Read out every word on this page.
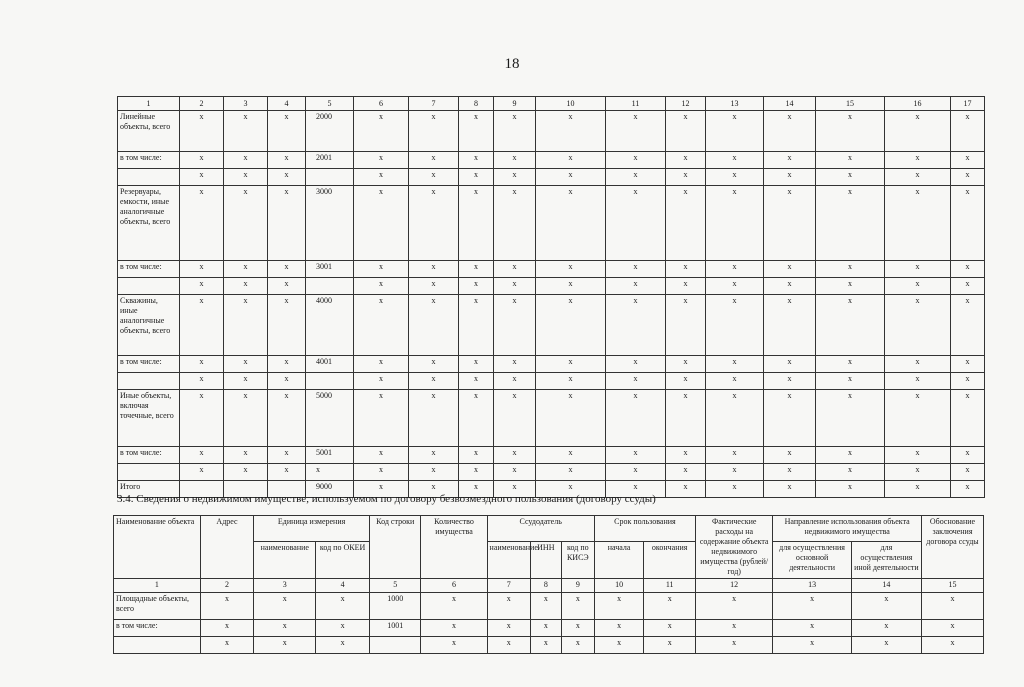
18
1	2	3	4	5	6	7	8	9	10	11	12	13	14	15	16	17
Линейные объекты, всего	x	x	x	2000	x	x	x	x	x	x	x	x	x	x	x	x
в том числе:	x	x	x	2001	x	x	x	x	x	x	x	x	x	x	x	x
	x	x	x		x	x	x	x	x	x	x	x	x	x	x	x
Резервуары, емкости, иные аналогичные объекты, всего	x	x	x	3000	x	x	x	x	x	x	x	x	x	x	x	x
в том числе:	x	x	x	3001	x	x	x	x	x	x	x	x	x	x	x	x
	x	x	x		x	x	x	x	x	x	x	x	x	x	x	x
Скважины, иные аналогичные объекты, всего	x	x	x	4000	x	x	x	x	x	x	x	x	x	x	x	x
в том числе:	x	x	x	4001	x	x	x	x	x	x	x	x	x	x	x	x
	x	x	x		x	x	x	x	x	x	x	x	x	x	x	x
Иные объекты, включая точечные, всего	x	x	x	5000	x	x	x	x	x	x	x	x	x	x	x	x
в том числе:	x	x	x	5001	x	x	x	x	x	x	x	x	x	x	x	x
	x	x	x	x	x	x	x	x	x	x	x	x	x	x	x	x
Итого				9000	x	x	x	x	x	x	x	x	x	x	x	x
3.4. Сведения о недвижимом имуществе, используемом по договору безвозмездного пользования (договору ссуды)
Наименование объекта	Адрес	Единица измерения		Код строки	Количество имущества	Ссудодатель			Срок пользования		Фактические расходы на содержание объекта недвижимого имущества (рублей/год)	Направление использования объекта недвижимого имущества		Обоснование заключения договора ссуды
		наименование	код по ОКЕИ			наименование	ИНН	код по КИСЭ	начала	окончания		для осуществления основной деятельности	для осуществления иной деятельности	
1	2	3	4	5	6	7	8	9	10	11	12	13	14	15
Площадные объекты, всего	x	x	x	1000	x	x	x	x	x	x	x	x	x	x
в том числе:	x	x	x	1001	x	x	x	x	x	x	x	x	x	x
	x	x	x		x	x	x	x	x	x	x	x	x	x
